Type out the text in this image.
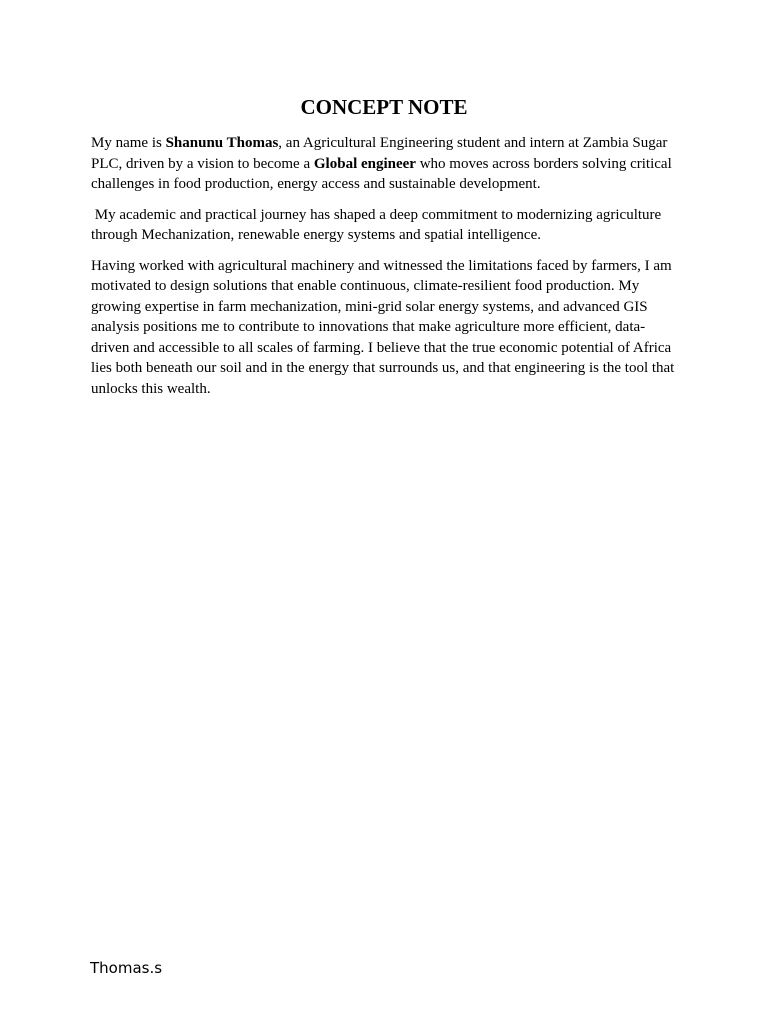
CONCEPT NOTE

My name is Shanunu Thomas, an Agricultural Engineering student and intern at Zambia Sugar PLC, driven by a vision to become a Global engineer who moves across borders solving critical challenges in food production, energy access and sustainable development.

My academic and practical journey has shaped a deep commitment to modernizing agriculture through Mechanization, renewable energy systems and spatial intelligence.

Having worked with agricultural machinery and witnessed the limitations faced by farmers, I am motivated to design solutions that enable continuous, climate-resilient food production. My growing expertise in farm mechanization, mini-grid solar energy systems, and advanced GIS analysis positions me to contribute to innovations that make agriculture more efficient, data-driven and accessible to all scales of farming. I believe that the true economic potential of Africa lies both beneath our soil and in the energy that surrounds us, and that engineering is the tool that unlocks this wealth.

Thomas.s
